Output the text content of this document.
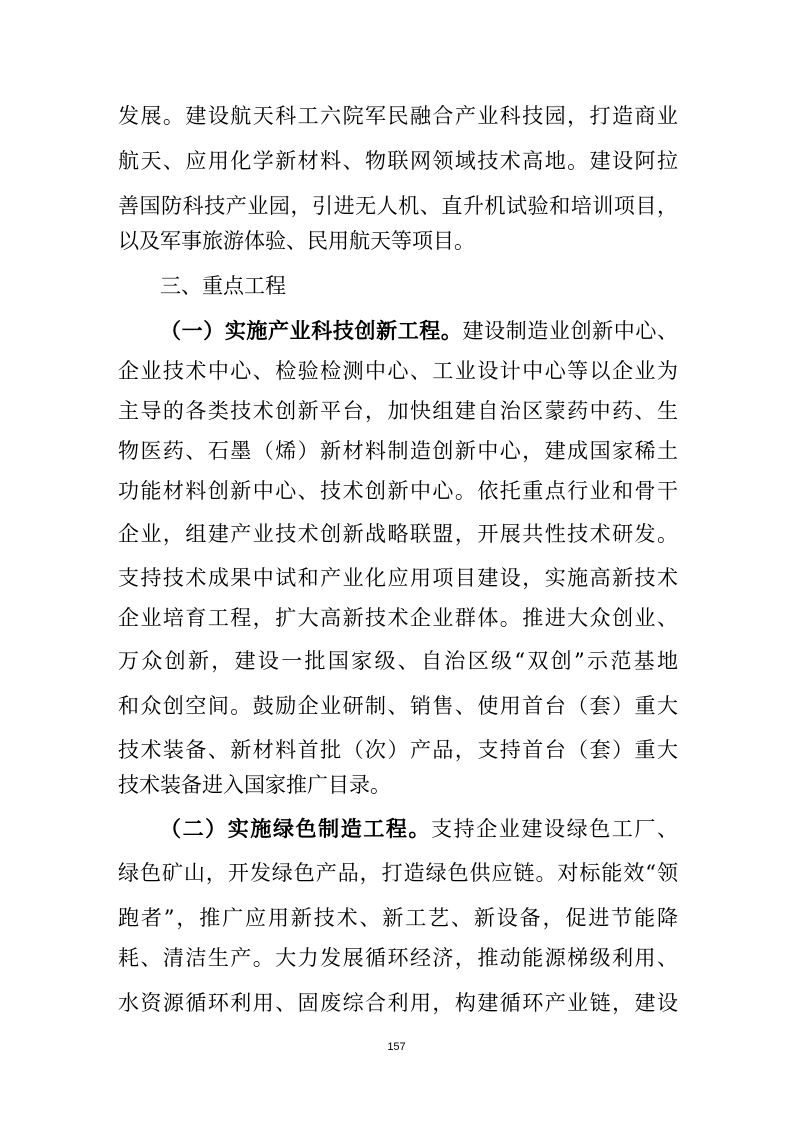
发展。建设航天科工六院军民融合产业科技园，打造商业
航天、应用化学新材料、物联网领域技术高地。建设阿拉
善国防科技产业园，引进无人机、直升机试验和培训项目，
以及军事旅游体验、民用航天等项目。
三、重点工程
（一）实施产业科技创新工程。建设制造业创新中心、
企业技术中心、检验检测中心、工业设计中心等以企业为
主导的各类技术创新平台，加快组建自治区蒙药中药、生
物医药、石墨（烯）新材料制造创新中心，建成国家稀土
功能材料创新中心、技术创新中心。依托重点行业和骨干
企业，组建产业技术创新战略联盟，开展共性技术研发。
支持技术成果中试和产业化应用项目建设，实施高新技术
企业培育工程，扩大高新技术企业群体。推进大众创业、
万众创新，建设一批国家级、自治区级“双创”示范基地
和众创空间。鼓励企业研制、销售、使用首台（套）重大
技术装备、新材料首批（次）产品，支持首台（套）重大
技术装备进入国家推广目录。
（二）实施绿色制造工程。支持企业建设绿色工厂、
绿色矿山，开发绿色产品，打造绿色供应链。对标能效“领
跑者”，推广应用新技术、新工艺、新设备，促进节能降
耗、清洁生产。大力发展循环经济，推动能源梯级利用、
水资源循环利用、固废综合利用，构建循环产业链，建设
157
